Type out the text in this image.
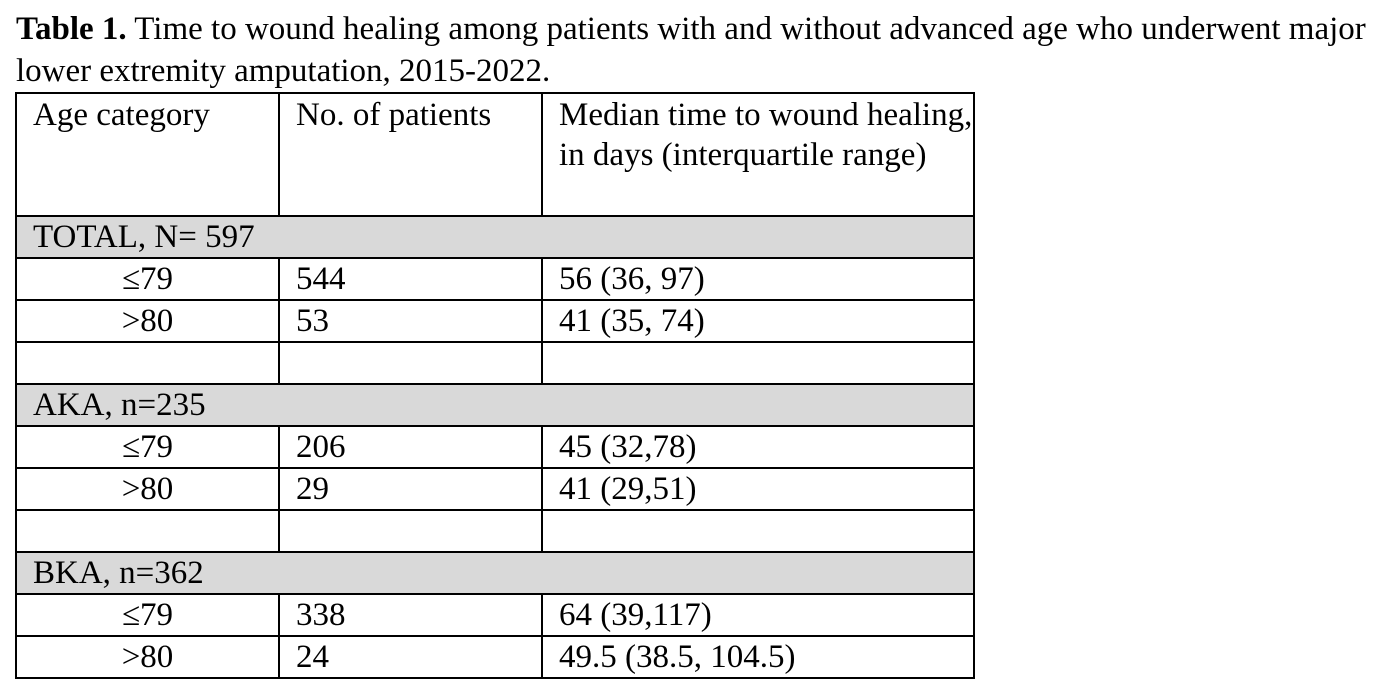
Table 1. Time to wound healing among patients with and without advanced age who underwent major lower extremity amputation, 2015-2022.

Age category	No. of patients	Median time to wound healing, in days (interquartile range)
TOTAL, N= 597		
≤79	544	56 (36, 97)
>80	53	41 (35, 74)

AKA, n=235		
≤79	206	45 (32,78)
>80	29	41 (29,51)

BKA, n=362		
≤79	338	64 (39,117)
>80	24	49.5 (38.5, 104.5)
